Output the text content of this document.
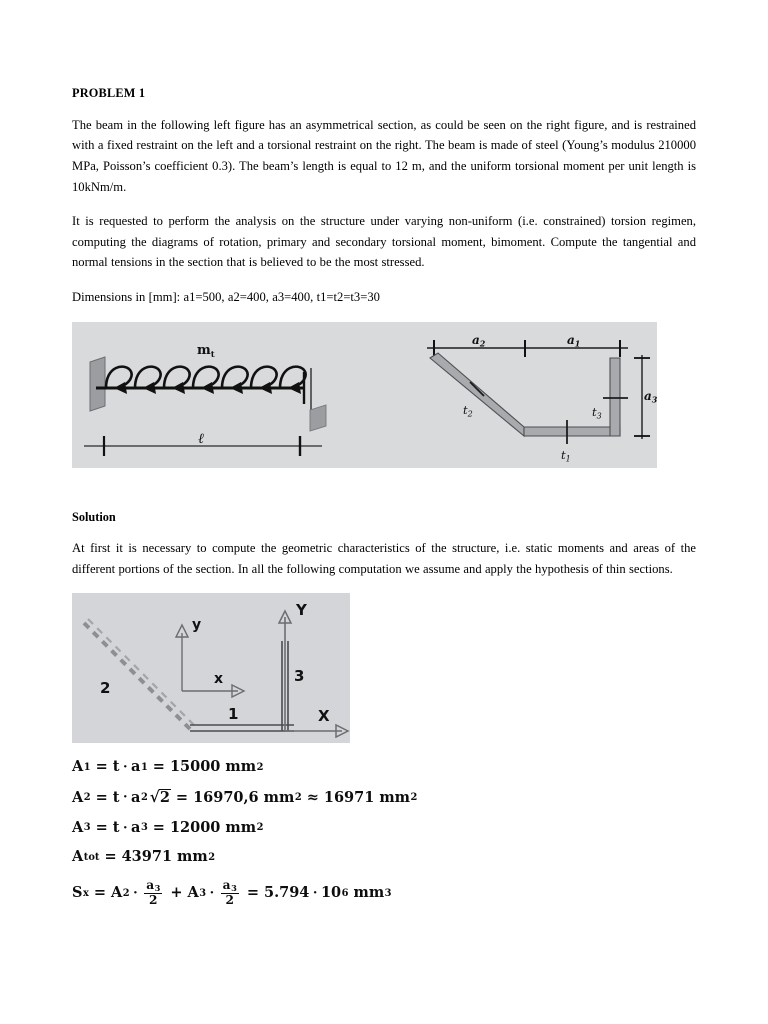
PROBLEM 1

The beam in the following left figure has an asymmetrical section, as could be seen on the right figure, and is restrained with a fixed restraint on the left and a torsional restraint on the right. The beam is made of steel (Young’s modulus 210000 MPa, Poisson’s coefficient 0.3). The beam’s length is equal to 12 m, and the uniform torsional moment per unit length is 10kNm/m.

It is requested to perform the analysis on the structure under varying non-uniform (i.e. constrained) torsion regimen, computing the diagrams of rotation, primary and secondary torsional moment, bimoment. Compute the tangential and normal tensions in the section that is believed to be the most stressed.

Dimensions in [mm]: a1=500, a2=400, a3=400, t1=t2=t3=30

$m_t$
ℓ
$a_2$	$a_1$
$t_2$
$t_1$
$t_3$
$a_3$
Solution

At first it is necessary to compute the geometric characteristics of the structure, i.e. static moments and areas of the different portions of the section. In all the following computation we assume and apply the hypothesis of thin sections.

2
1
3
Y
X
y
x
A 1 = t · a 1 = 15000 mm 2
A 2 = t · a 2 √2 = 16970,6 mm 2 ≈ 16971 mm 2
A 3 = t · a 3 = 12000 mm 2
A tot = 43971 mm 2
S x = A $2 \cdot \frac{a3}{2} + A$ $3 \cdot \frac{a3}{2} = 5.794 \cdot 10$ 6 mm 3
